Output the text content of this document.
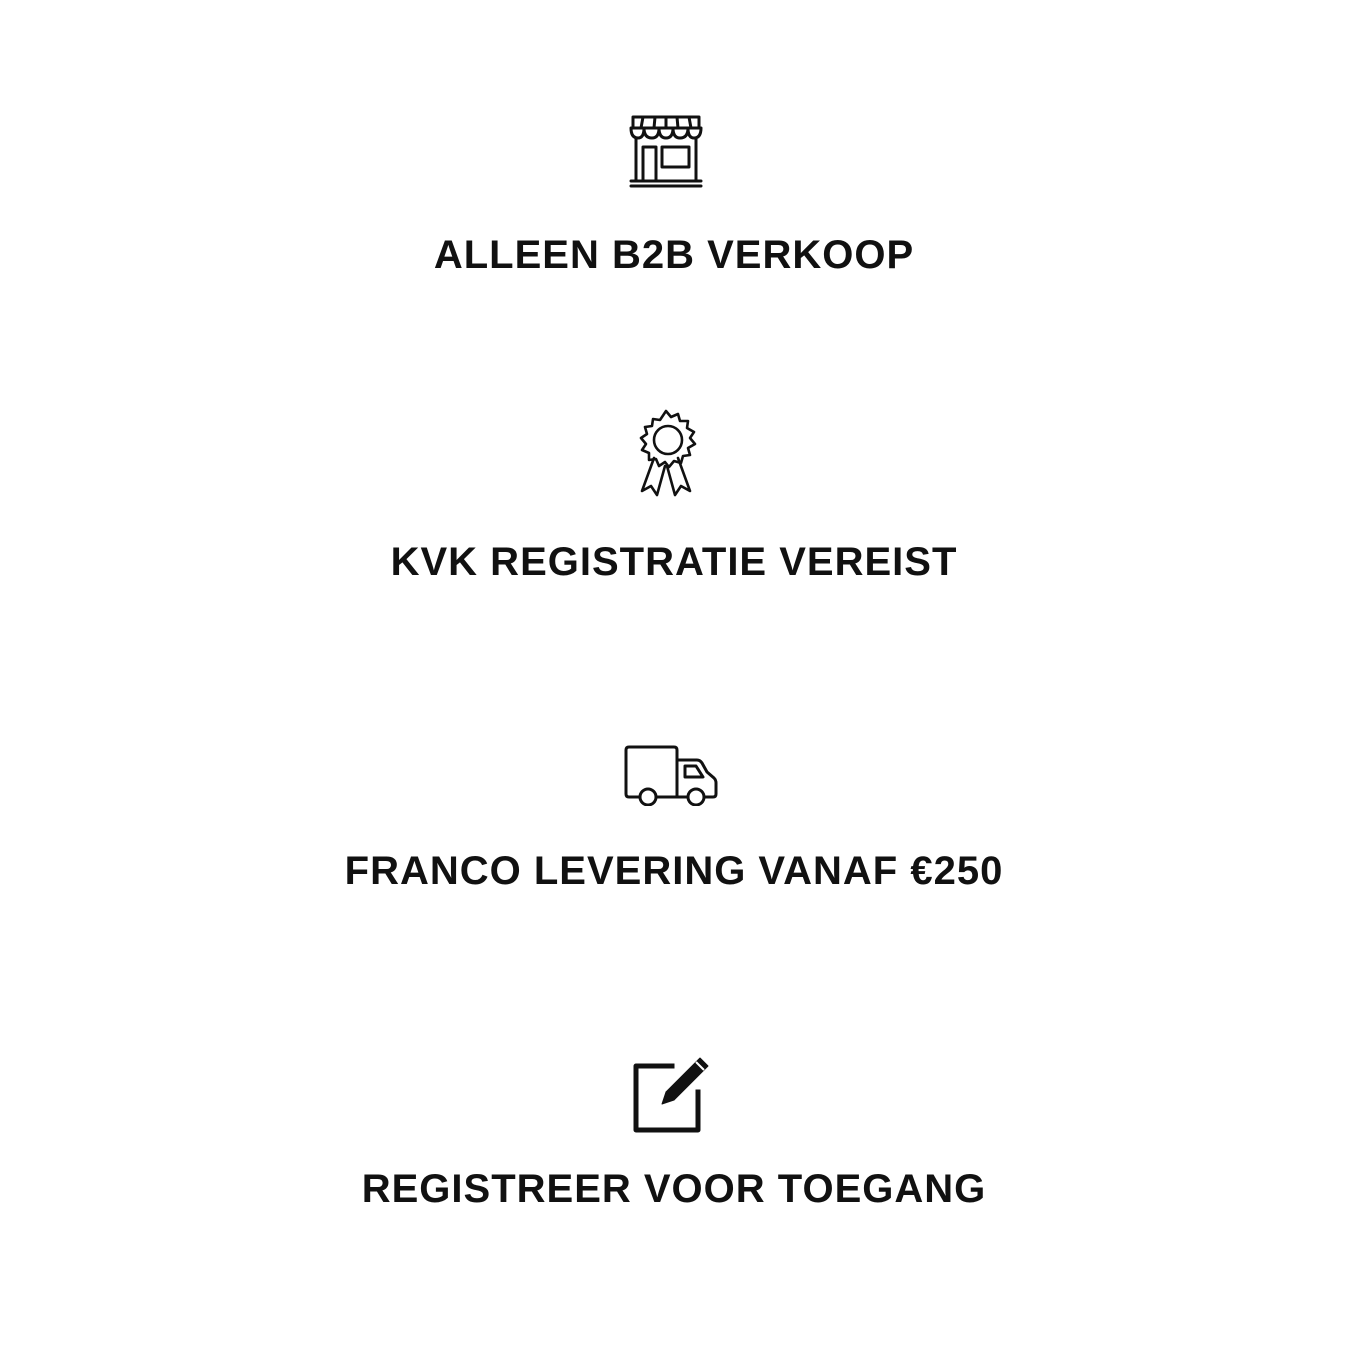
ALLEEN B2B VERKOOP
KVK REGISTRATIE VEREIST
FRANCO LEVERING VANAF €250
REGISTREER VOOR TOEGANG
